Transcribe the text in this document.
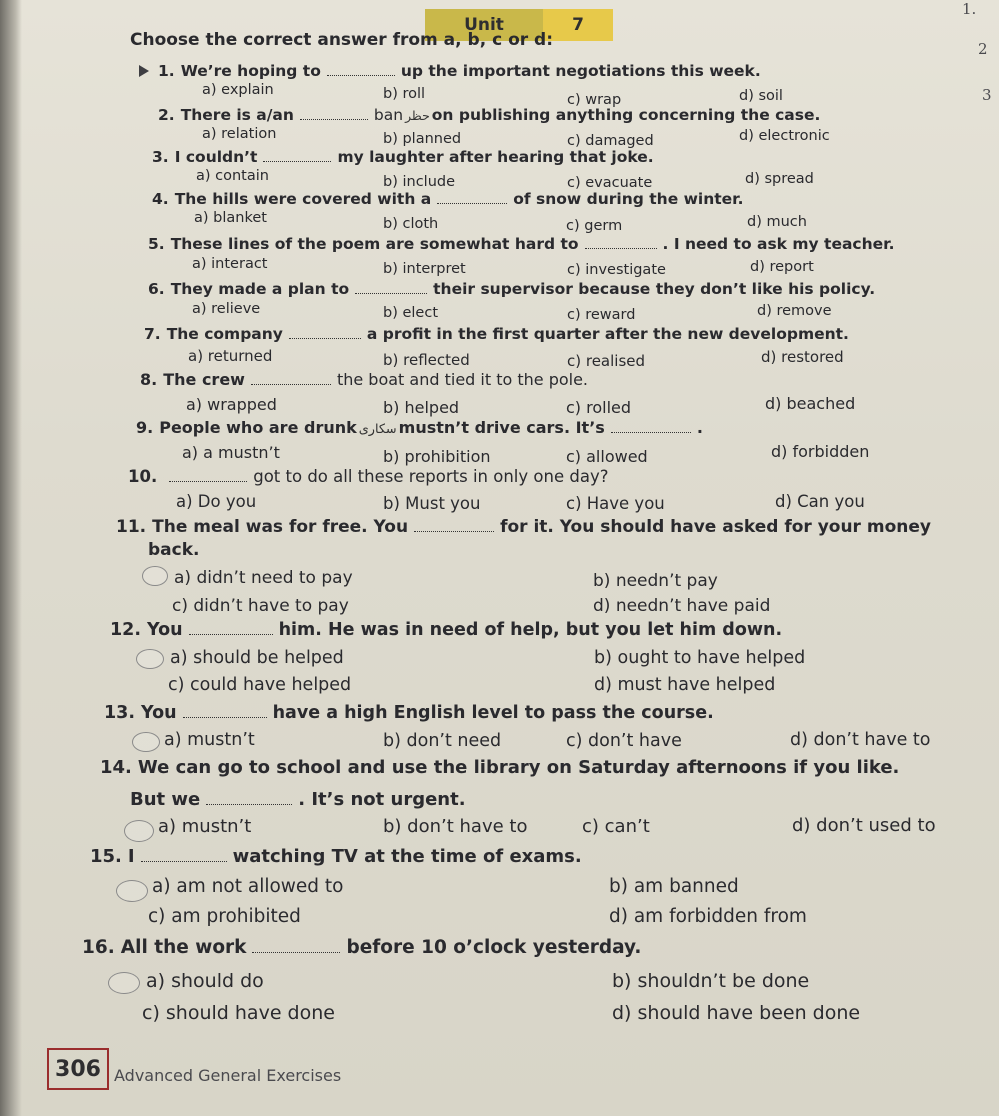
Unit	7
Choose the correct answer from a, b, c or d:
1.
2
3
1. We’re hoping to	up the important negotiations this week.
a) explain	b) roll	c) wrap	d) soil
2. There is a/an	ban حظر on publishing anything concerning the case.
a) relation	b) planned	c) damaged	d) electronic
3. I couldn’t	my laughter after hearing that joke.
a) contain	b) include	c) evacuate	d) spread
4. The hills were covered with a	of snow during the winter.
a) blanket	b) cloth	c) germ	d) much
5. These lines of the poem are somewhat hard to	. I need to ask my teacher.
a) interact	b) interpret	c) investigate	d) report
6. They made a plan to	their supervisor because they don’t like his policy.
a) relieve	b) elect	c) reward	d) remove
7. The company	a profit in the first quarter after the new development.
a) returned	b) reflected	c) realised	d) restored
8. The crew	the boat and tied it to the pole.
a) wrapped	b) helped	c) rolled	d) beached
9. People who are drunk سكارى mustn’t drive cars. It’s	.
a) a mustn’t	b) prohibition	c) allowed	d) forbidden
10.	got to do all these reports in only one day?
a) Do you	b) Must you	c) Have you	d) Can you
11. The meal was for free. You	for it. You should have asked for your money
back.
a) didn’t need to pay	b) needn’t pay
c) didn’t have to pay	d) needn’t have paid
12. You	him. He was in need of help, but you let him down.
a) should be helped	b) ought to have helped
c) could have helped	d) must have helped
13. You	have a high English level to pass the course.
a) mustn’t	b) don’t need	c) don’t have	d) don’t have to
14. We can go to school and use the library on Saturday afternoons if you like.
But we	. It’s not urgent.
a) mustn’t	b) don’t have to	c) can’t	d) don’t used to
15. I	watching TV at the time of exams.
a) am not allowed to	b) am banned
c) am prohibited	d) am forbidden from
16. All the work	before 10 o’clock yesterday.
a) should do	b) shouldn’t be done
c) should have done	d) should have been done
306 Advanced General Exercises
